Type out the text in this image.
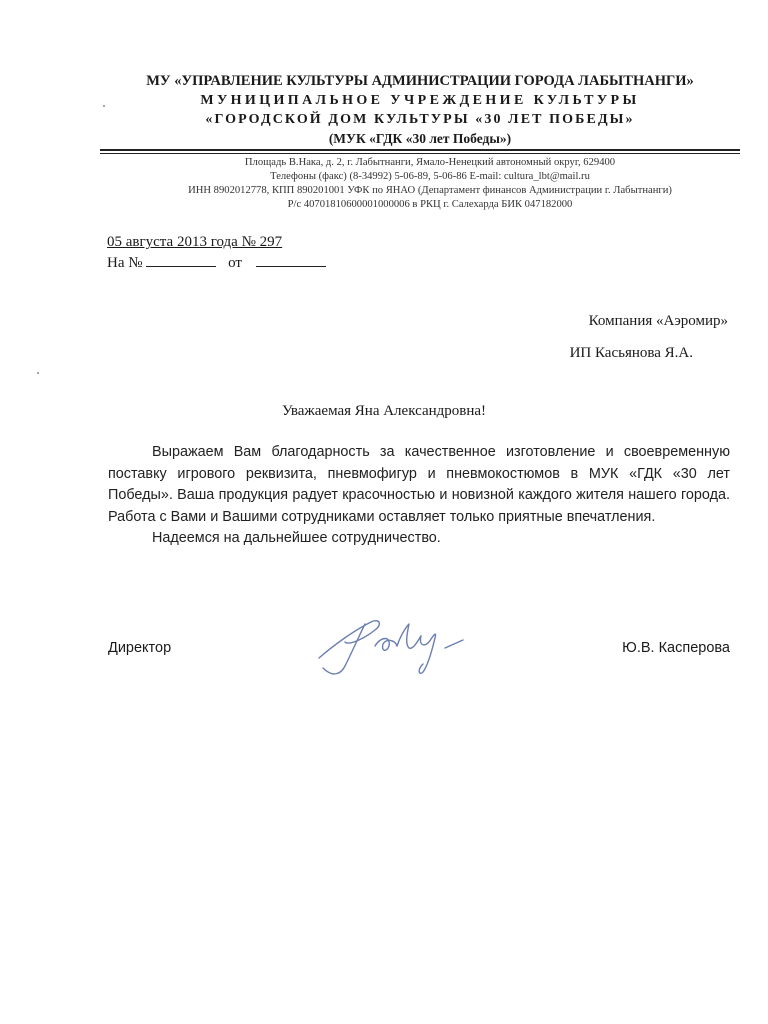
МУ «УПРАВЛЕНИЕ КУЛЬТУРЫ АДМИНИСТРАЦИИ ГОРОДА ЛАБЫТНАНГИ»
МУНИЦИПАЛЬНОЕ УЧРЕЖДЕНИЕ КУЛЬТУРЫ
«ГОРОДСКОЙ ДОМ КУЛЬТУРЫ «30 ЛЕТ ПОБЕДЫ»
(МУК «ГДК «30 лет Победы»)
Площадь В.Нака, д. 2, г. Лабытнанги, Ямало-Ненецкий автономный округ, 629400
Телефоны (факс) (8-34992) 5-06-89, 5-06-86 E-mail: cultura_lbt@mail.ru
ИНН 8902012778, КПП 890201001 УФК по ЯНАО (Департамент финансов Администрации г. Лабытнанги)
Р/с 40701810600001000006 в РКЦ г. Салехарда БИК 047182000
05 августа 2013 года № 297
На №	от
Компания «Аэромир»
ИП Касьянова Я.А.
Уважаемая Яна Александровна!

Выражаем Вам благодарность за качественное изготовление и своевременную поставку игрового реквизита, пневмофигур и пневмокостюмов в МУК «ГДК «30 лет Победы». Ваша продукция радует красочностью и новизной каждого жителя нашего города. Работа с Вами и Вашими сотрудниками оставляет только приятные впечатления.

Надеемся на дальнейшее сотрудничество.

Директор	Ю.В. Касперова
